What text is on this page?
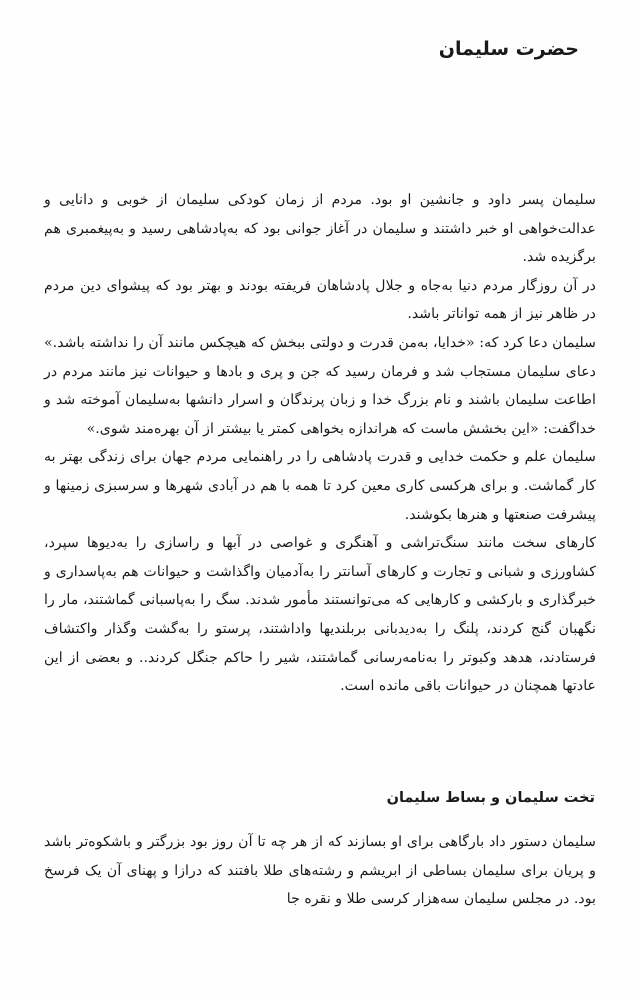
حضرت سلیمان

سلیمان پسر داود و جانشین او بود. مردم از زمان کودکی سلیمان از خوبی و دانایی و عدالت‌خواهی او خبر داشتند و سلیمان در آغاز جوانی بود که به‌پادشاهی رسید و به‌پیغمبری هم برگزیده شد.

در آن روزگار مردم دنیا به‌جاه و جلال پادشاهان فریفته بودند و بهتر بود که پیشوای دین مردم در ظاهر نیز از همه تواناتر باشد.

سلیمان دعا کرد که: «خدایا، به‌من قدرت و دولتی ببخش که هیچکس مانند آن را نداشته باشد.» دعای سلیمان مستجاب شد و فرمان رسید که جن و پری و بادها و حیوانات نیز مانند مردم در اطاعت سلیمان باشند و نام بزرگ خدا و زبان پرندگان و اسرار دانشها به‌سلیمان آموخته شد و خداگفت: «این بخشش ماست که هراندازه بخواهی کمتر یا بیشتر از آن بهره‌مند شوی.»

سلیمان علم و حکمت خدایی و قدرت پادشاهی را در راهنمایی مردم جهان برای زندگی بهتر به کار گماشت. و برای هرکسی کاری معین کرد تا همه با هم در آبادی شهرها و سرسبزی زمینها و پیشرفت صنعتها و هنرها بکوشند.

کارهای سخت مانند سنگ‌تراشی و آهنگری و غواصی در آبها و راسازی را به‌دیوها سپرد، کشاورزی و شبانی و تجارت و کارهای آسانتر را به‌آدمیان واگذاشت و حیوانات هم به‌پاسداری و خبرگذاری و بارکشی و کارهایی که می‌توانستند مأمور شدند. سگ را به‌پاسبانی گماشتند، مار را نگهبان گنج کردند، پلنگ را به‌دیدبانی بربلندیها واداشتند، پرستو را به‌گشت وگذار واکتشاف فرستادند، هدهد وکبوتر را به‌نامه‌رسانی گماشتند، شیر را حاکم جنگل کردند.. و بعضی از این عادتها همچنان در حیوانات باقی مانده است.

تخت سلیمان و بساط سلیمان

سلیمان دستور داد بارگاهی برای او بسازند که از هر چه تا آن روز بود بزرگتر و باشکوه‌تر باشد و پریان برای سلیمان بساطی از ابریشم و رشته‌های طلا بافتند که درازا و پهنای آن یک فرسخ بود. در مجلس سلیمان سه‌هزار کرسی طلا و نقره جا
